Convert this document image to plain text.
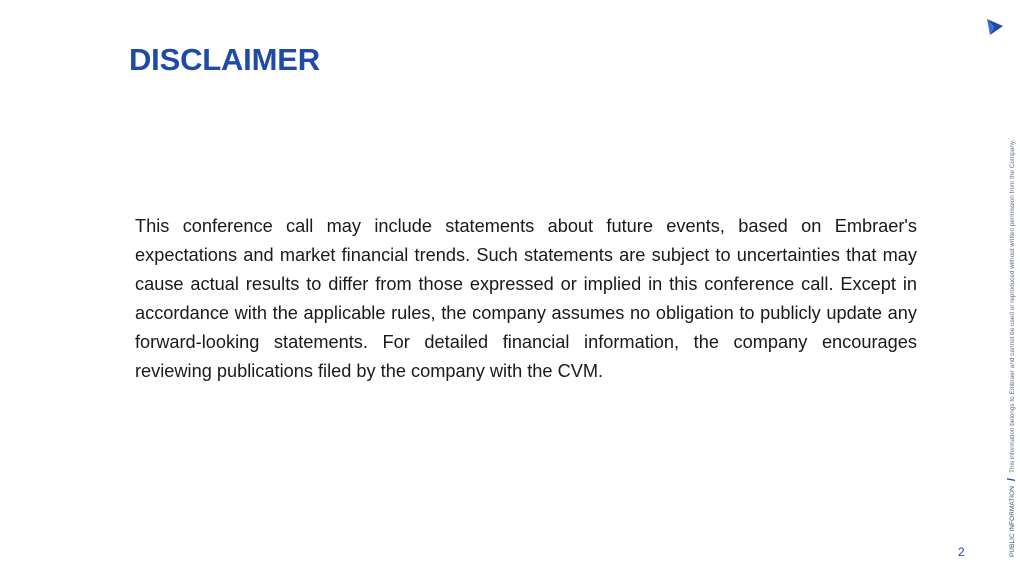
DISCLAIMER

This conference call may include statements about future events, based on Embraer's expectations and market financial trends. Such statements are subject to uncertainties that may cause actual results to differ from those expressed or implied in this conference call. Except in accordance with the applicable rules, the company assumes no obligation to publicly update any forward-looking statements. For detailed financial information, the company encourages reviewing publications filed by the company with the CVM.

PUBLIC INFORMATION/This information belongs to Embraer and cannot be used or reproduced without written permission from the Company.
2
